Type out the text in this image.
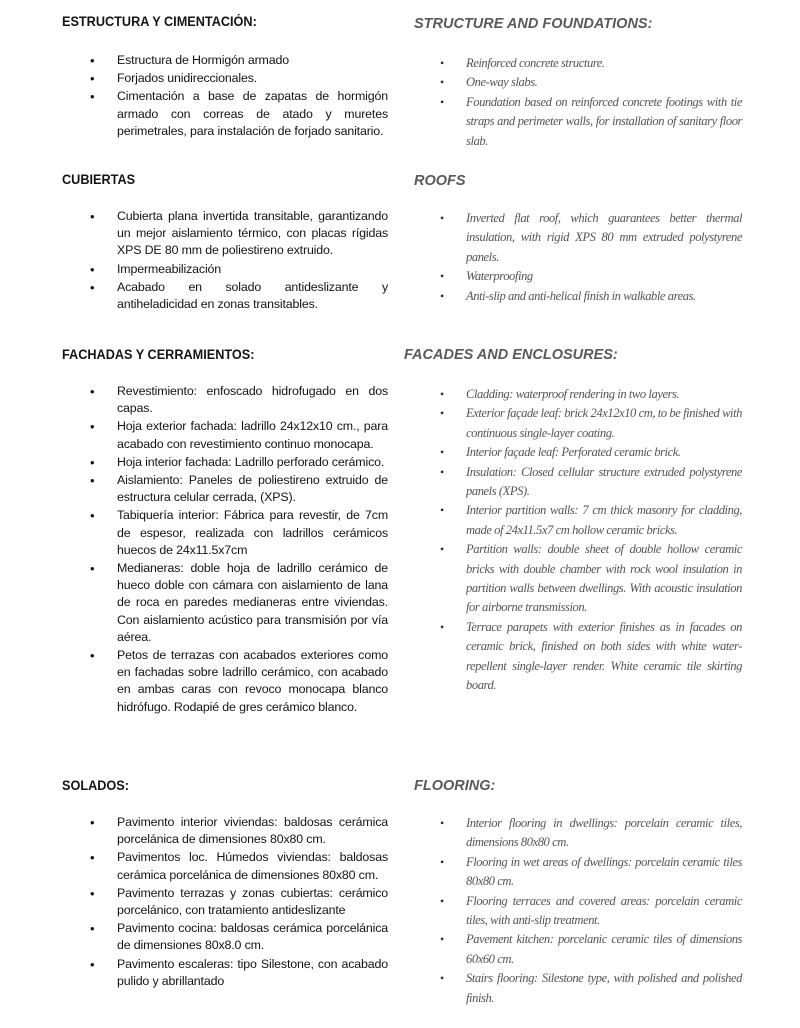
ESTRUCTURA Y CIMENTACIÓN:
• Estructura de Hormigón armado
• Forjados unidireccionales.
• Cimentación a base de zapatas de hormigón armado con correas de atado y muretes perimetrales, para instalación de forjado sanitario.
CUBIERTAS
• Cubierta plana invertida transitable, garantizando un mejor aislamiento térmico, con placas rígidas XPS DE 80 mm de poliestireno extruido.
• Impermeabilización
• Acabado en solado antideslizante y antiheladicidad en zonas transitables.
FACHADAS Y CERRAMIENTOS:
• Revestimiento: enfoscado hidrofugado en dos capas.
• Hoja exterior fachada: ladrillo 24x12x10 cm., para acabado con revestimiento continuo monocapa.
• Hoja interior fachada: Ladrillo perforado cerámico.
• Aislamiento: Paneles de poliestireno extruido de estructura celular cerrada, (XPS).
• Tabiquería interior: Fábrica para revestir, de 7cm de espesor, realizada con ladrillos cerámicos huecos de 24x11.5x7cm
• Medianeras: doble hoja de ladrillo cerámico de hueco doble con cámara con aislamiento de lana de roca en paredes medianeras entre viviendas. Con aislamiento acústico para transmisión por vía aérea.
• Petos de terrazas con acabados exteriores como en fachadas sobre ladrillo cerámico, con acabado en ambas caras con revoco monocapa blanco hidrófugo. Rodapié de gres cerámico blanco.
SOLADOS:
• Pavimento interior viviendas: baldosas cerámica porcelánica de dimensiones 80x80 cm.
• Pavimentos loc. Húmedos viviendas: baldosas cerámica porcelánica de dimensiones 80x80 cm.
• Pavimento terrazas y zonas cubiertas: cerámico porcelánico, con tratamiento antideslizante
• Pavimento cocina: baldosas cerámica porcelánica de dimensiones 80x8.0 cm.
• Pavimento escaleras: tipo Silestone, con acabado pulido y abrillantado
STRUCTURE AND FOUNDATIONS:
• Reinforced concrete structure.
• One-way slabs.
• Foundation based on reinforced concrete footings with tie straps and perimeter walls, for installation of sanitary floor slab.
ROOFS
• Inverted flat roof, which guarantees better thermal insulation, with rigid XPS 80 mm extruded polystyrene panels.
• Waterproofing
• Anti-slip and anti-helical finish in walkable areas.
FACADES AND ENCLOSURES:
• Cladding: waterproof rendering in two layers.
• Exterior façade leaf: brick 24x12x10 cm, to be finished with continuous single-layer coating.
• Interior façade leaf: Perforated ceramic brick.
• Insulation: Closed cellular structure extruded polystyrene panels (XPS).
• Interior partition walls: 7 cm thick masonry for cladding, made of 24x11.5x7 cm hollow ceramic bricks.
• Partition walls: double sheet of double hollow ceramic bricks with double chamber with rock wool insulation in partition walls between dwellings. With acoustic insulation for airborne transmission.
• Terrace parapets with exterior finishes as in facades on ceramic brick, finished on both sides with white water-repellent single-layer render. White ceramic tile skirting board.
FLOORING:
• Interior flooring in dwellings: porcelain ceramic tiles, dimensions 80x80 cm.
• Flooring in wet areas of dwellings: porcelain ceramic tiles 80x80 cm.
• Flooring terraces and covered areas: porcelain ceramic tiles, with anti-slip treatment.
• Pavement kitchen: porcelanic ceramic tiles of dimensions 60x60 cm.
• Stairs flooring: Silestone type, with polished and polished finish.
